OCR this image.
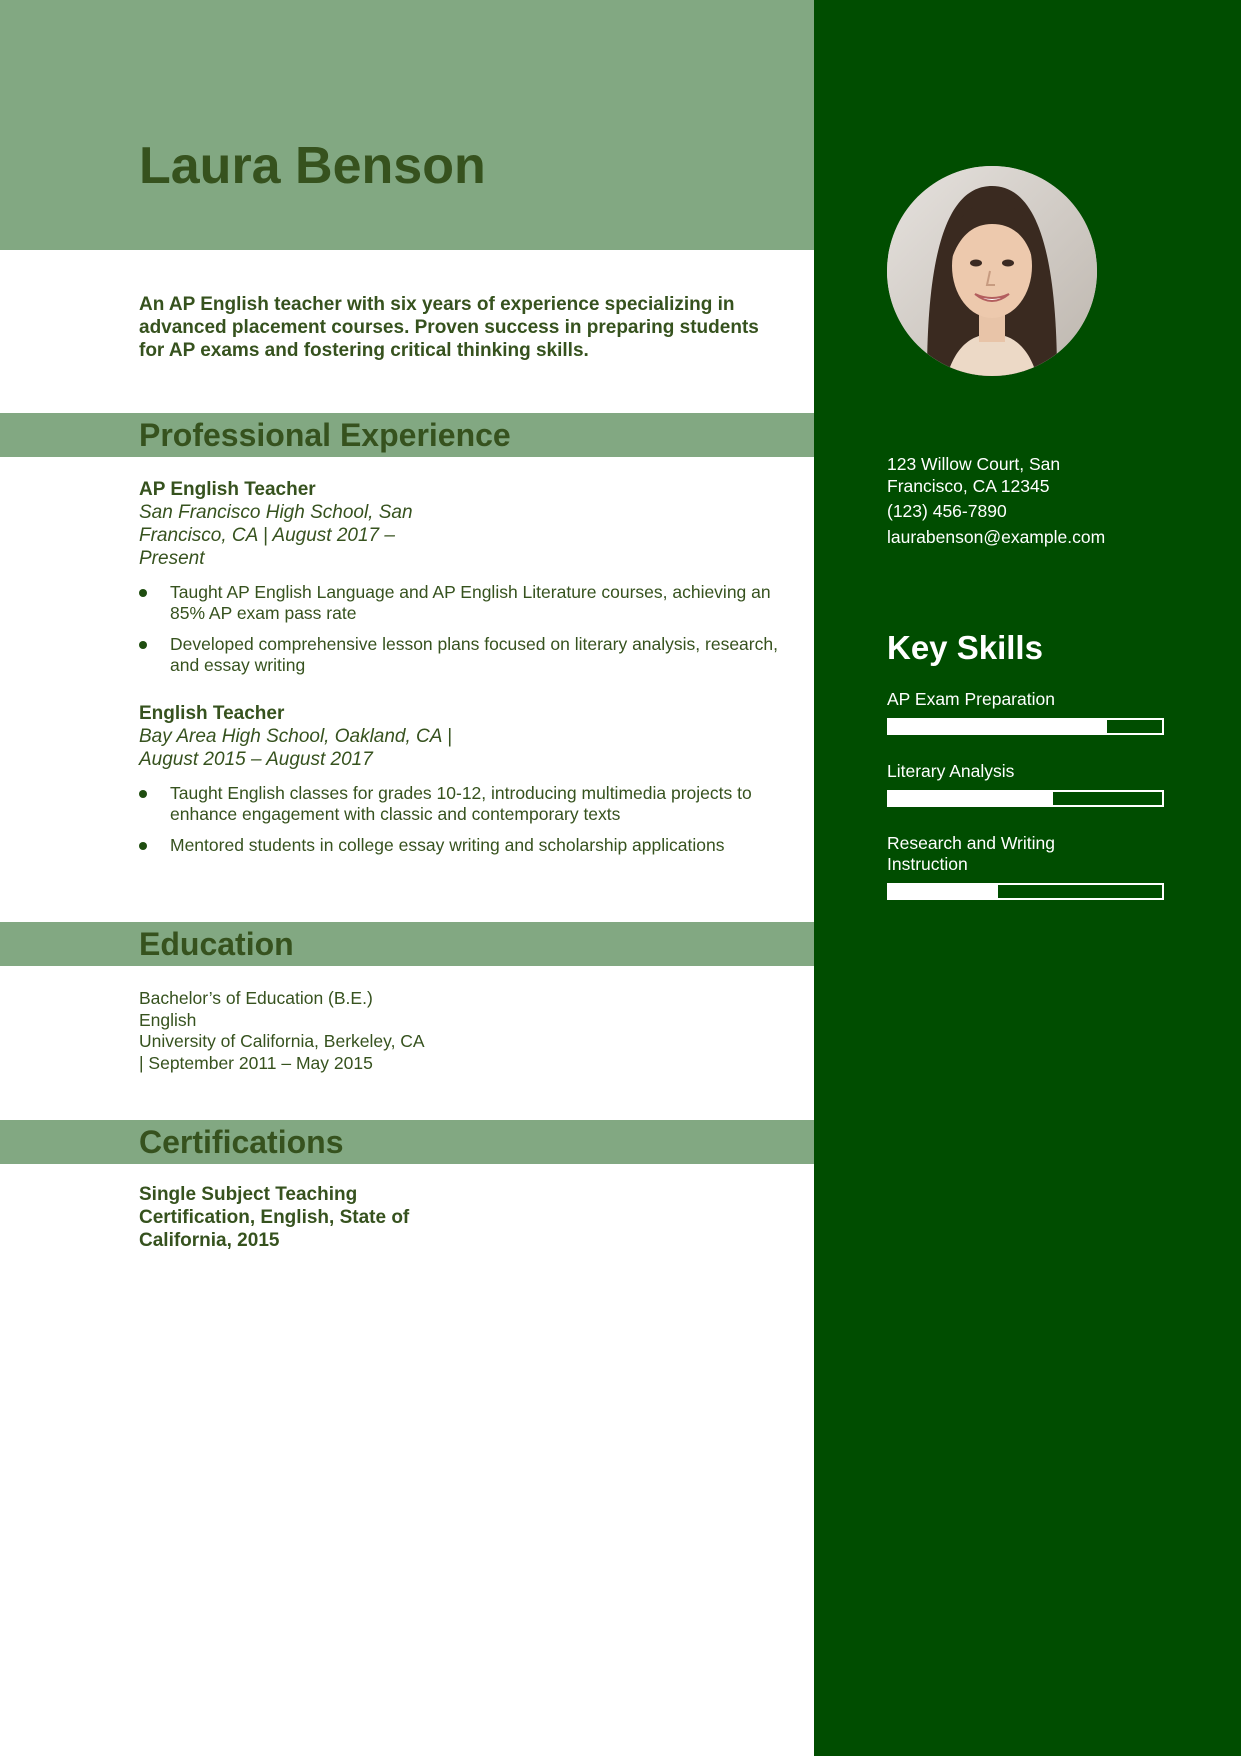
Laura Benson

An AP English teacher with six years of experience specializing in advanced placement courses. Proven success in preparing students for AP exams and fostering critical thinking skills.

Professional Experience
AP English Teacher
San Francisco High School, San Francisco, CA | August 2017 – Present
Taught AP English Language and AP English Literature courses, achieving an 85% AP exam pass rate
Developed comprehensive lesson plans focused on literary analysis, research, and essay writing
English Teacher
Bay Area High School, Oakland, CA | August 2015 – August 2017
Taught English classes for grades 10-12, introducing multimedia projects to enhance engagement with classic and contemporary texts
Mentored students in college essay writing and scholarship applications
Education
Bachelor’s of Education (B.E.)
English
University of California, Berkeley, CA
| September 2011 – May 2015
Certifications
Single Subject Teaching Certification, English, State of California, 2015
123 Willow Court, San Francisco, CA 12345
(123) 456-7890
laurabenson@example.com
Key Skills
AP Exam Preparation
Literary Analysis
Research and Writing Instruction
